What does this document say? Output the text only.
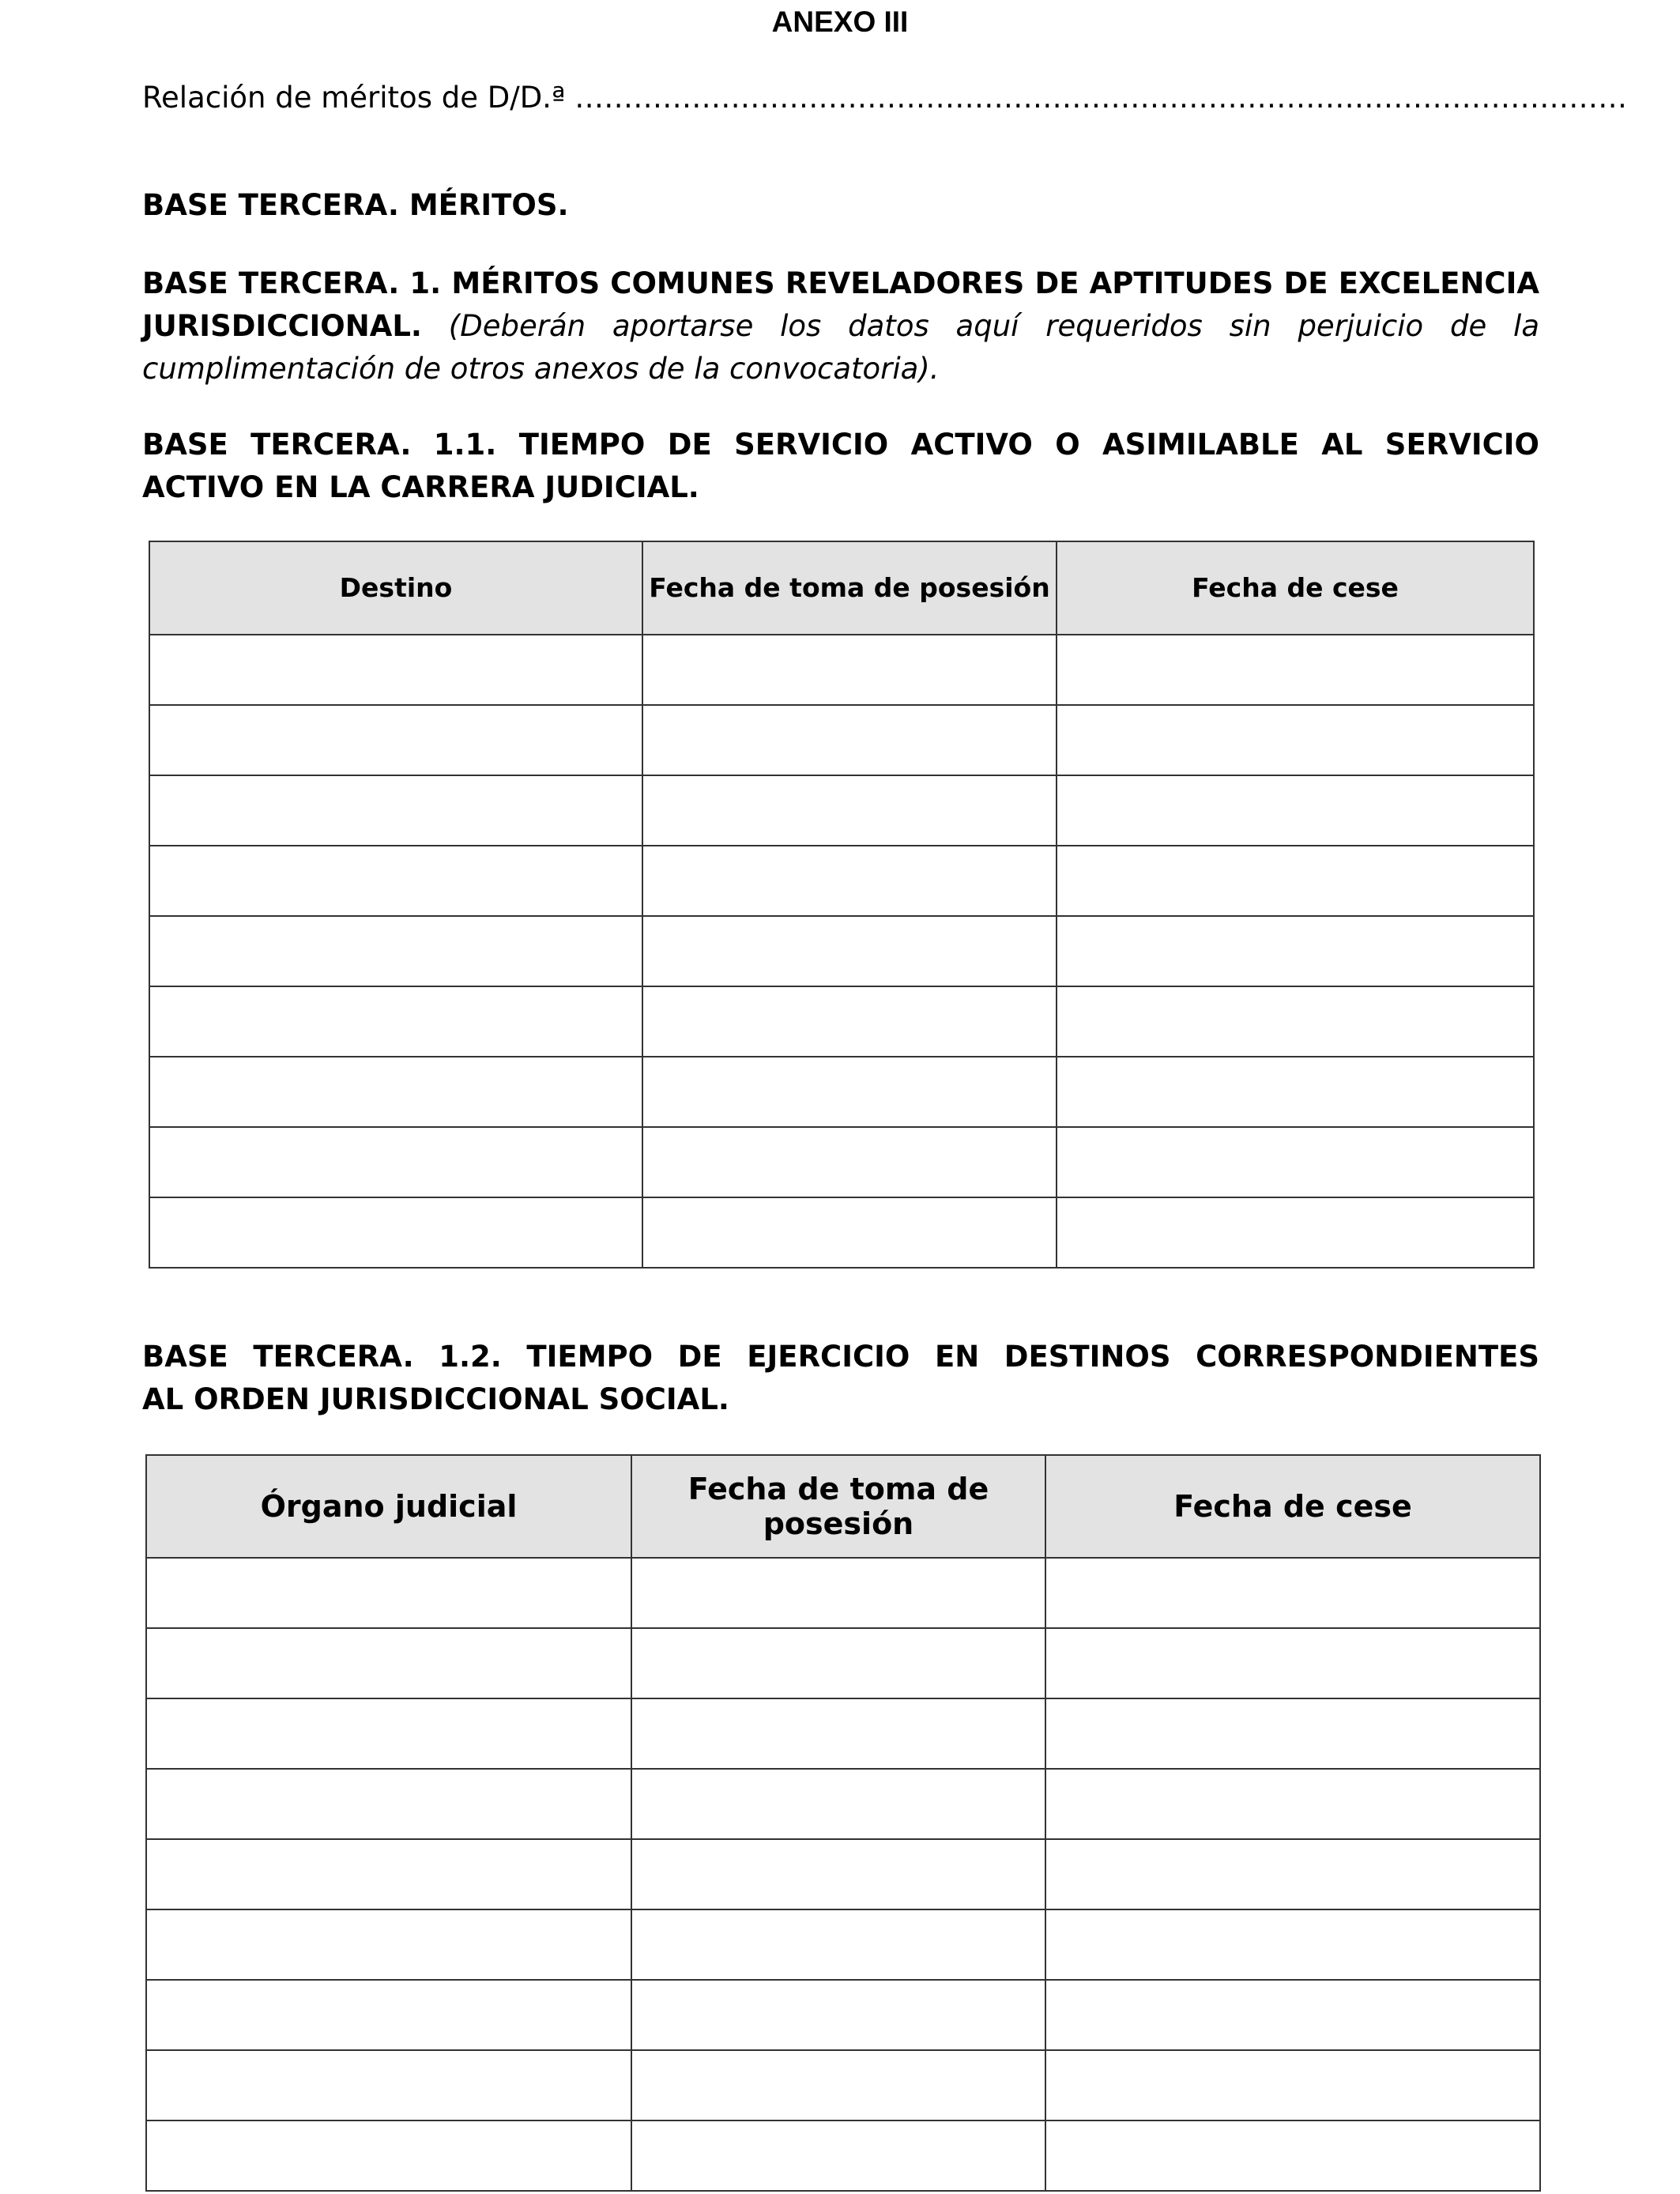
ANEXO III
Relación de méritos de D/D.ª ………………………………………………………………………………………………
BASE TERCERA. MÉRITOS.
BASE TERCERA. 1. MÉRITOS COMUNES REVELADORES DE APTITUDES DE EXCELENCIA JURISDICCIONAL. (Deberán aportarse los datos aquí requeridos sin perjuicio de la cumplimentación de otros anexos de la convocatoria).
BASE TERCERA. 1.1. TIEMPO DE SERVICIO ACTIVO O ASIMILABLE AL SERVICIO
ACTIVO EN LA CARRERA JUDICIAL.
Destino	Fecha de toma de posesión	Fecha de cese

BASE TERCERA. 1.2. TIEMPO DE EJERCICIO EN DESTINOS CORRESPONDIENTES
AL ORDEN JURISDICCIONAL SOCIAL.
Órgano judicial	Fecha de toma de posesión	Fecha de cese
